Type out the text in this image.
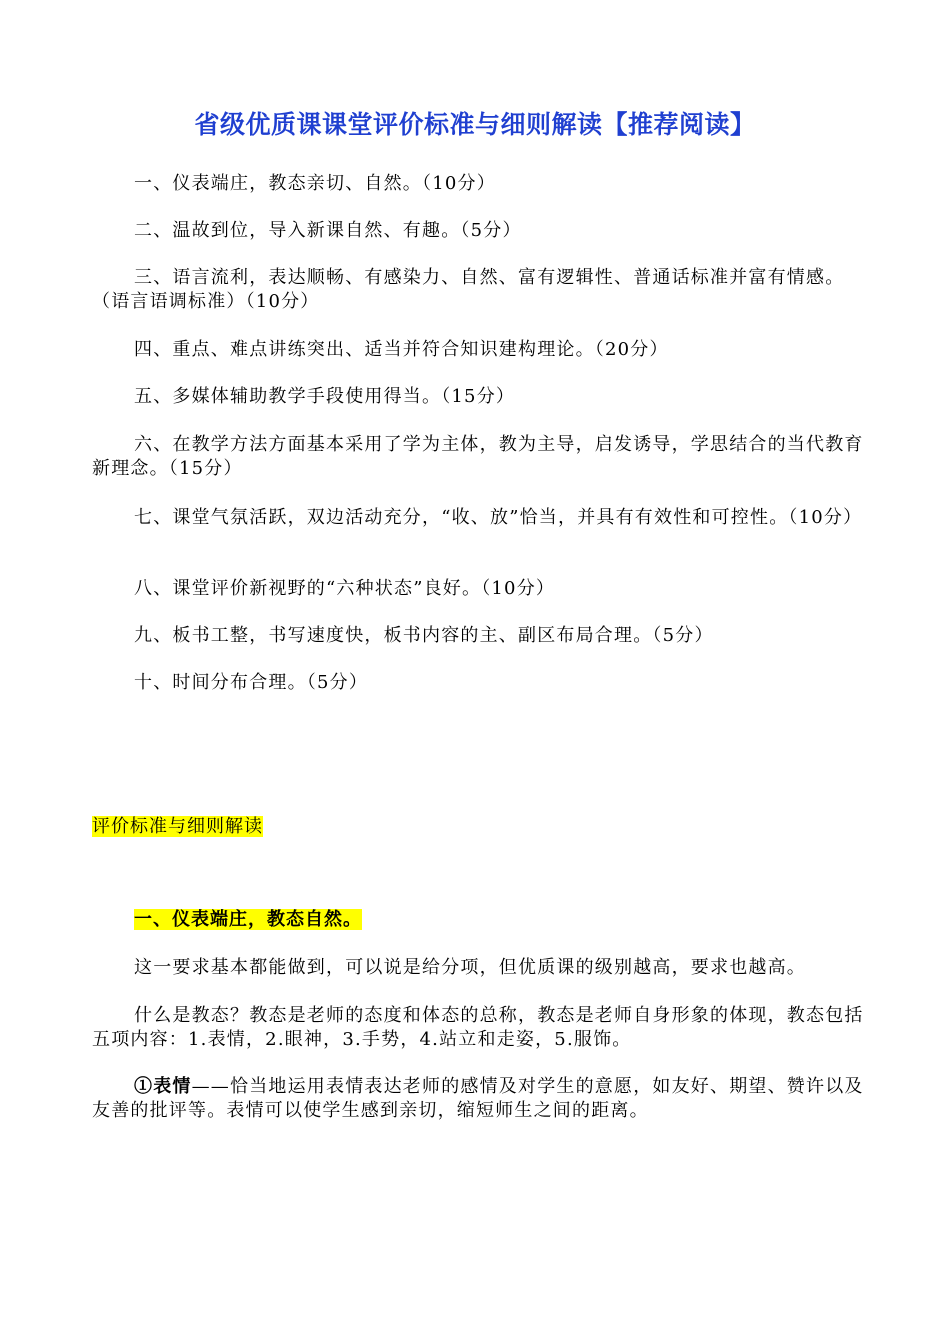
省级优质课课堂评价标准与细则解读【推荐阅读】
一、仪表端庄，教态亲切、自然。（10分）
二、温故到位，导入新课自然、有趣。（5分）
三、语言流利，表达顺畅、有感染力、自然、富有逻辑性、普通话标准并富有情感。（语言语调标准）（10分）
四、重点、难点讲练突出、适当并符合知识建构理论。（20分）
五、多媒体辅助教学手段使用得当。（15分）
六、在教学方法方面基本采用了学为主体，教为主导，启发诱导，学思结合的当代教育新理念。（15分）
七、课堂气氛活跃，双边活动充分，“收、放”恰当，并具有有效性和可控性。（10分）
八、课堂评价新视野的“六种状态”良好。（10分）
九、板书工整，书写速度快，板书内容的主、副区布局合理。（5分）
十、时间分布合理。（5分）
评价标准与细则解读
一、仪表端庄，教态自然。
这一要求基本都能做到，可以说是给分项，但优质课的级别越高，要求也越高。
什么是教态？教态是老师的态度和体态的总称，教态是老师自身形象的体现，教态包括五项内容：1.表情，2.眼神，3.手势，4.站立和走姿，5.服饰。
①表情——恰当地运用表情表达老师的感情及对学生的意愿，如友好、期望、赞许以及友善的批评等。表情可以使学生感到亲切，缩短师生之间的距离。
